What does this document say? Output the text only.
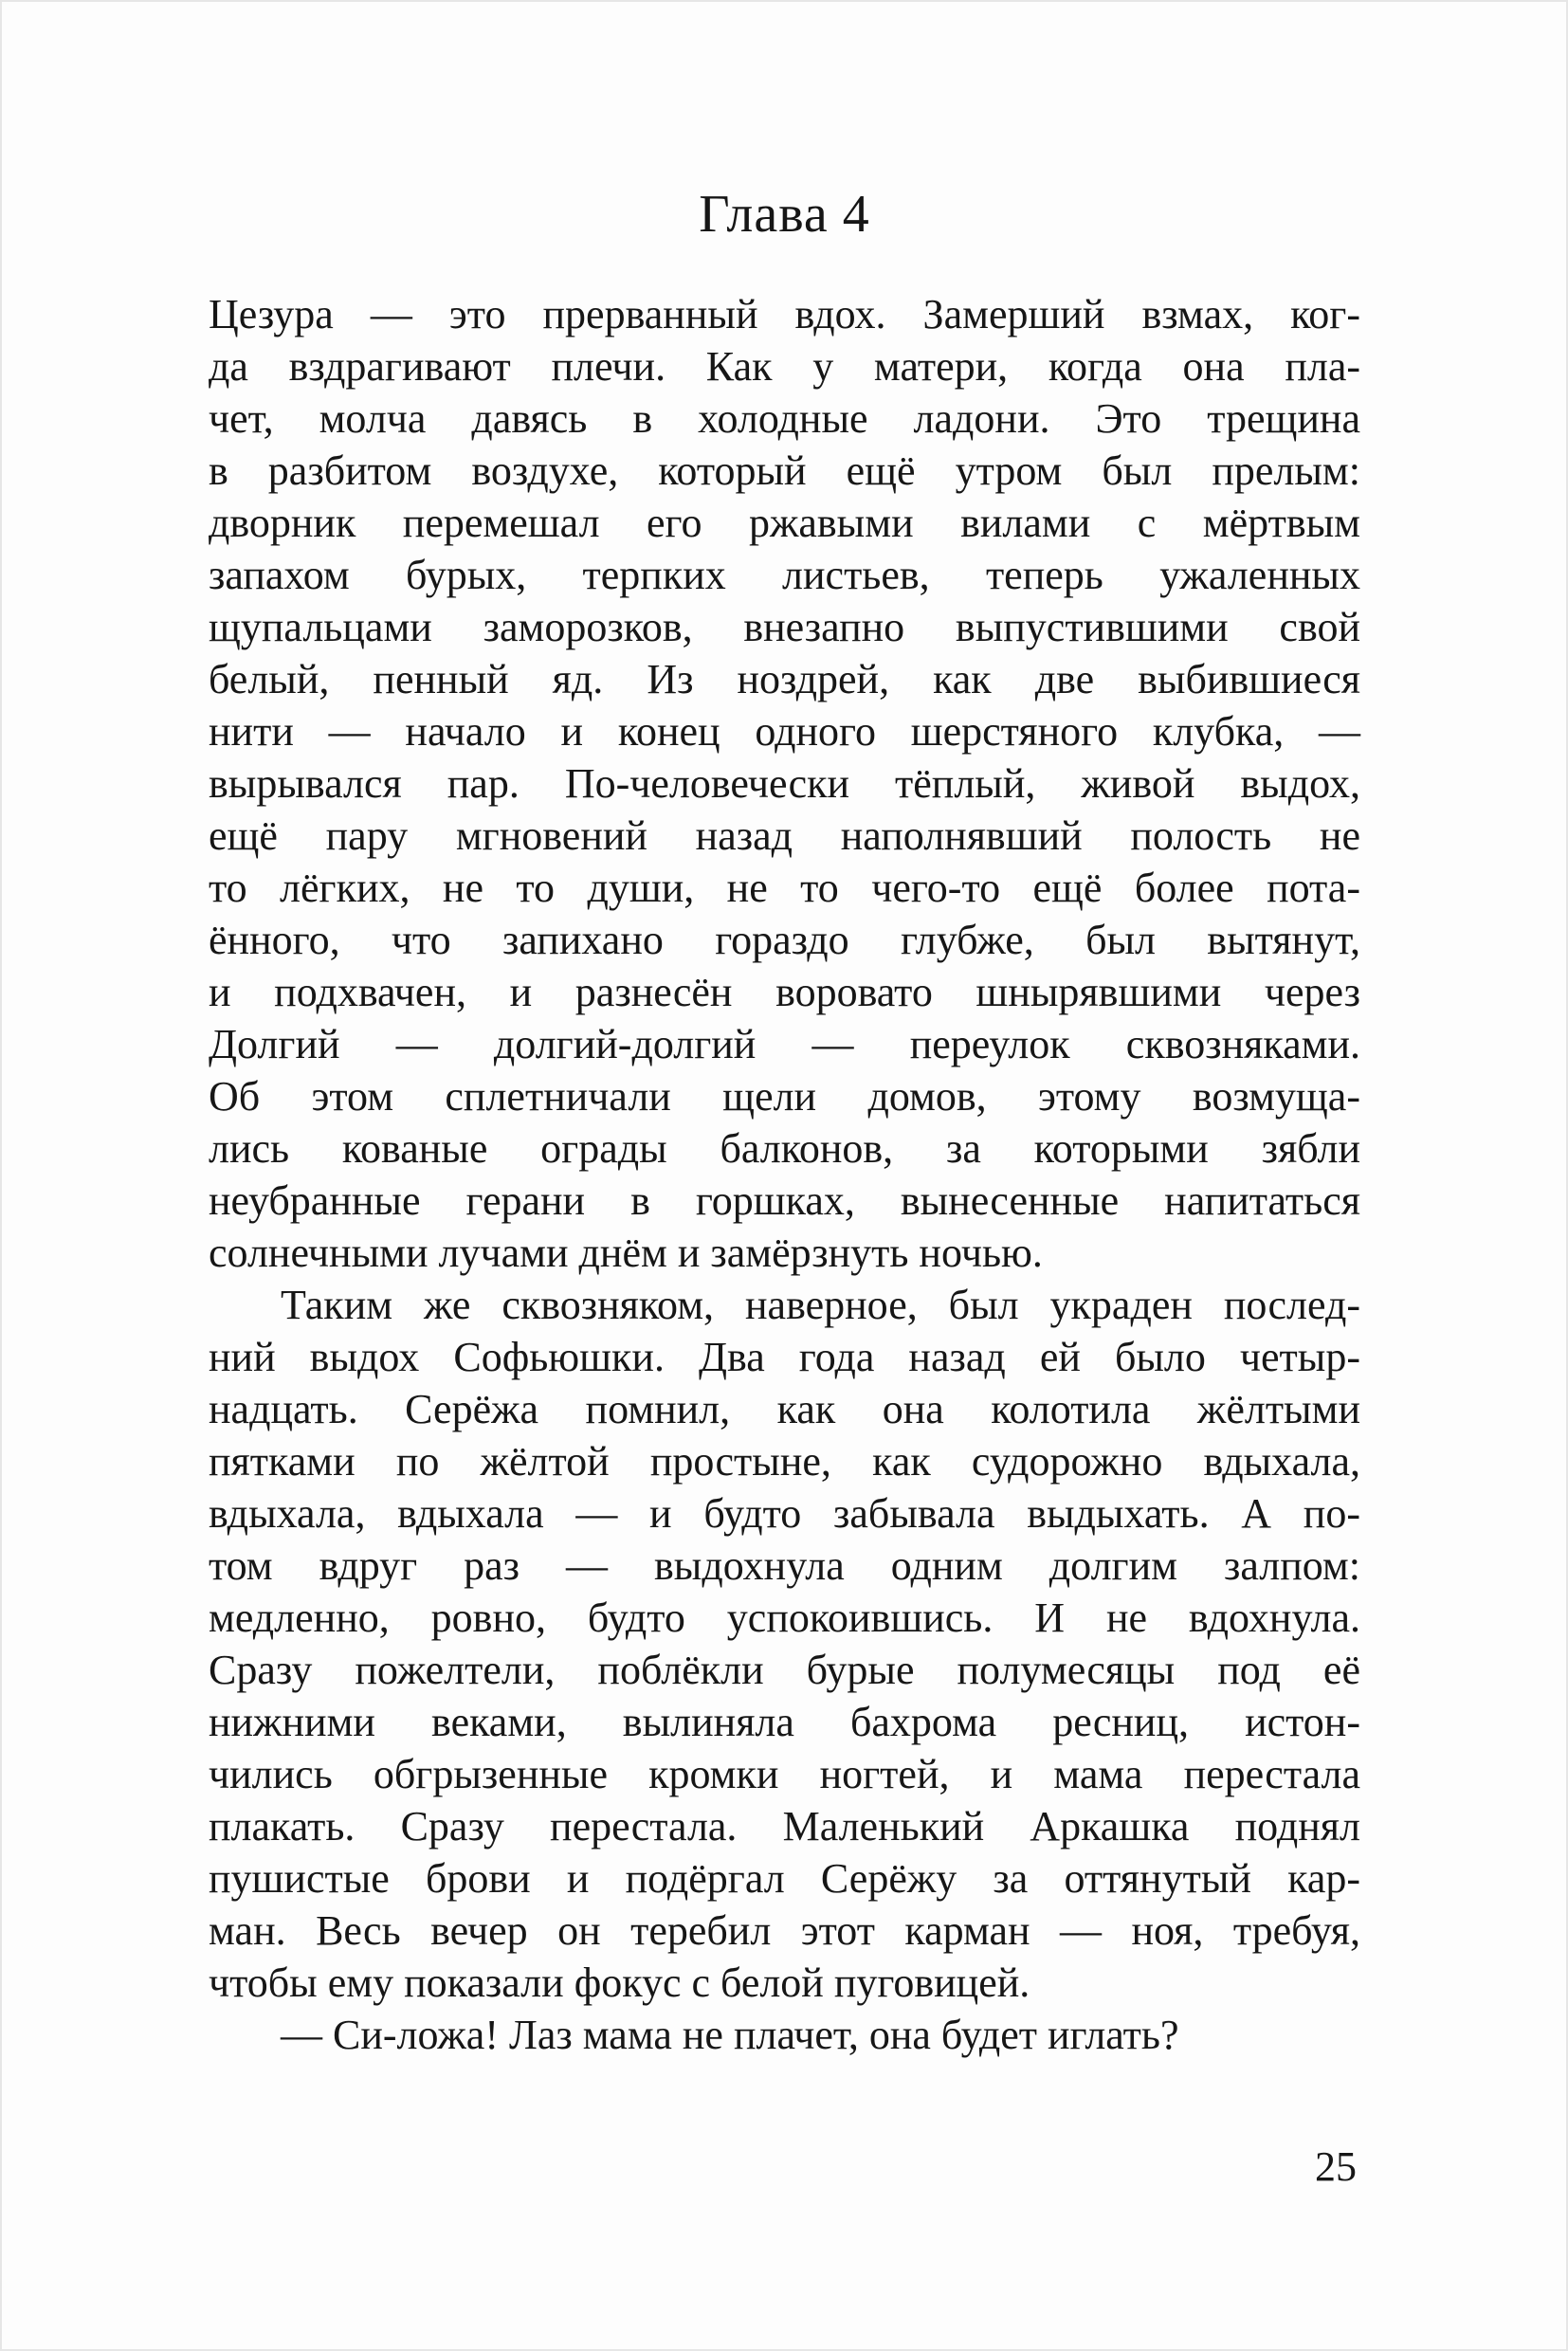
Глава 4
Цезура — это прерванный вдох. Замерший взмах, ког-
да вздрагивают плечи. Как у матери, когда она пла-
чет, молча давясь в холодные ладони. Это трещина
в разбитом воздухе, который ещё утром был прелым:
дворник перемешал его ржавыми вилами с мёртвым
запахом бурых, терпких листьев, теперь ужаленных
щупальцами заморозков, внезапно выпустившими свой
белый, пенный яд. Из ноздрей, как две выбившиеся
нити — начало и конец одного шерстяного клубка, —
вырывался пар. По-человечески тёплый, живой выдох,
ещё пару мгновений назад наполнявший полость не
то лёгких, не то души, не то чего-то ещё более пота-
ённого, что запихано гораздо глубже, был вытянут,
и подхвачен, и разнесён воровато шнырявшими через
Долгий — долгий-долгий — переулок сквозняками.
Об этом сплетничали щели домов, этому возмуща-
лись кованые ограды балконов, за которыми зябли
неубранные герани в горшках, вынесенные напитаться
солнечными лучами днём и замёрзнуть ночью.
Таким же сквозняком, наверное, был украден послед-
ний выдох Софьюшки. Два года назад ей было четыр-
надцать. Серёжа помнил, как она колотила жёлтыми
пятками по жёлтой простыне, как судорожно вдыхала,
вдыхала, вдыхала — и будто забывала выдыхать. А по-
том вдруг раз — выдохнула одним долгим залпом:
медленно, ровно, будто успокоившись. И не вдохнула.
Сразу пожелтели, поблёкли бурые полумесяцы под её
нижними веками, вылиняла бахрома ресниц, истон-
чились обгрызенные кромки ногтей, и мама перестала
плакать. Сразу перестала. Маленький Аркашка поднял
пушистые брови и подёргал Серёжу за оттянутый кар-
ман. Весь вечер он теребил этот карман — ноя, требуя,
чтобы ему показали фокус с белой пуговицей.
— Си-ложа! Лаз мама не плачет, она будет иглать?
25
